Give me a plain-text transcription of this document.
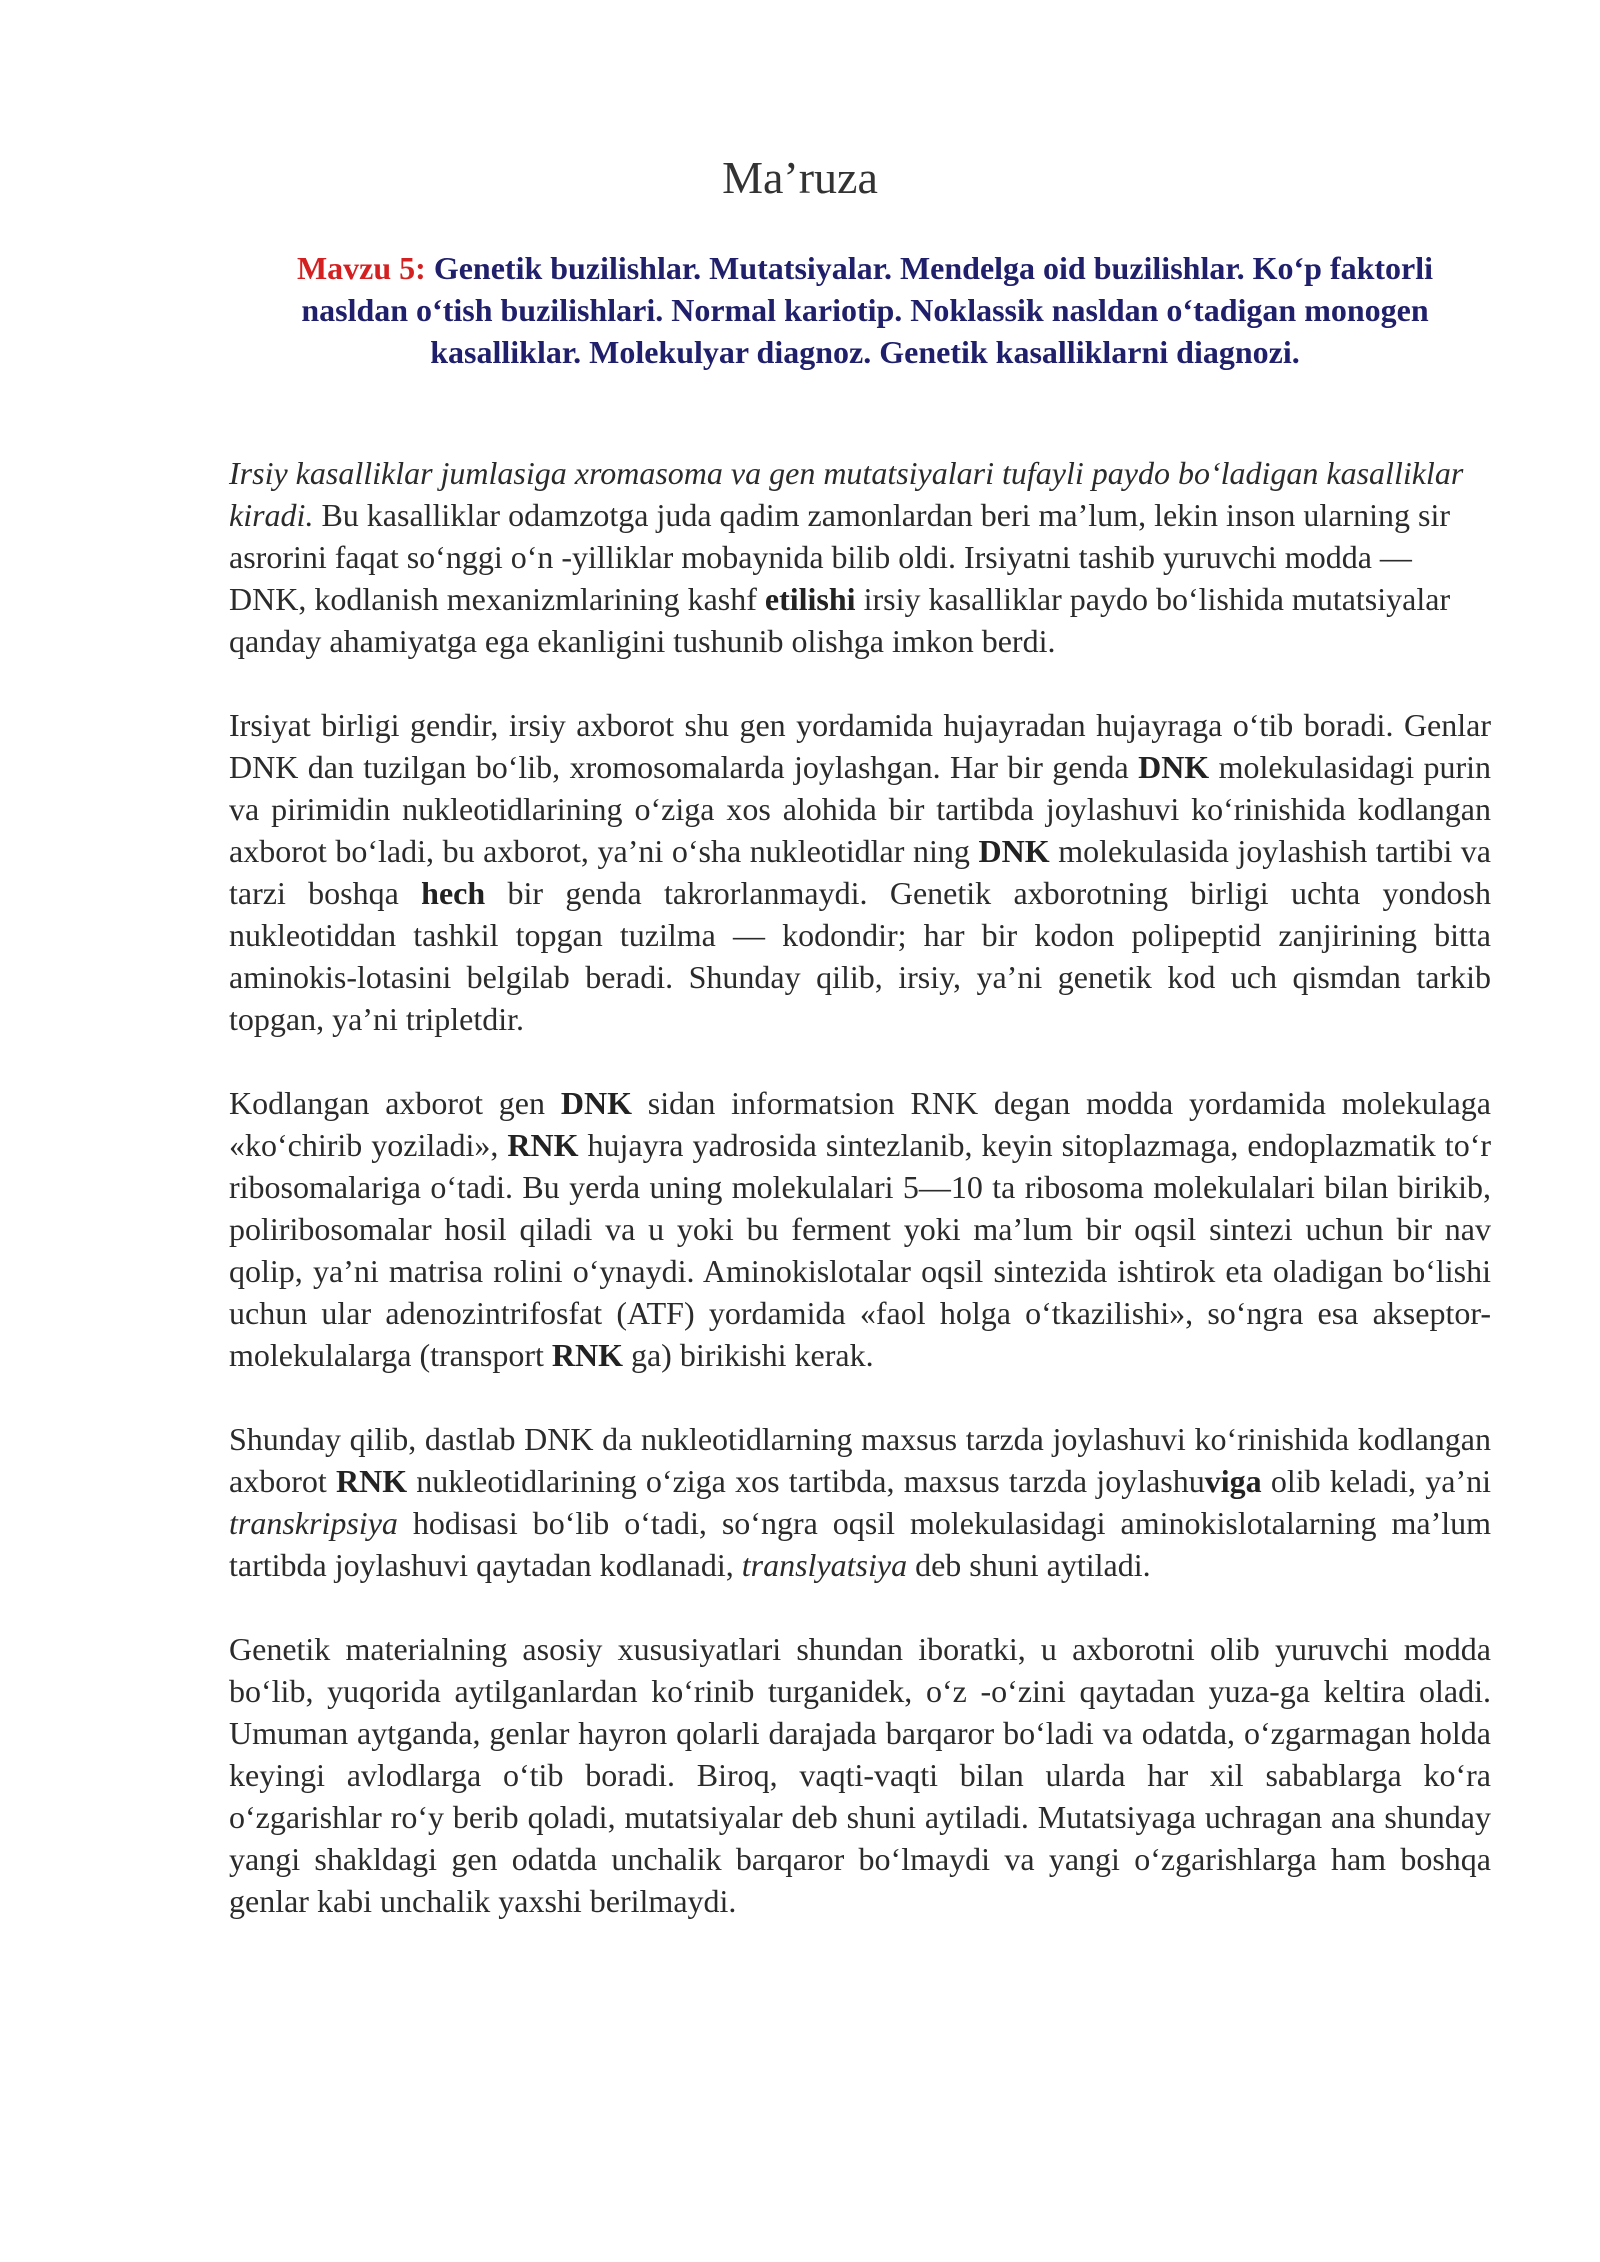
Ma’ruza
Mavzu 5: Genetik buzilishlar. Mutatsiyalar. Mendelga oid buzilishlar. Ko‘p faktorli nasldan o‘tish buzilishlari. Normal kariotip. Noklassik nasldan o‘tadigan monogen kasalliklar. Molekulyar diagnoz. Genetik kasalliklarni diagnozi.

Irsiy kasalliklar jumlasiga xromasoma va gen mutatsiyalari tufayli paydo boʻladigan kasalliklar kiradi. Bu kasalliklar odamzotga juda qadim zamonlardan beri maʼlum, lekin inson ularning sir asrorini faqat soʻnggi oʻn -yilliklar mobaynida bilib oldi. Irsiyatni tashib yuruvchi modda — DNK, kodlanish mexanizmlarining kashf etilishi irsiy kasalliklar paydo boʻlishida mutatsiyalar qanday ahamiyatga ega ekanligini tushunib olishga imkon berdi.

Irsiyat birligi gendir, irsiy axborot shu gen yordamida hujayradan hujayraga oʻtib boradi. Genlar DNK dan tuzilgan boʻlib, xromosomalarda joylashgan. Har bir genda DNK molekulasidagi purin va pirimidin nukleotidlarining oʻziga xos alohida bir tartibda joylashuvi koʻrinishida kodlangan axborot boʻladi, bu axborot, yaʼni oʻsha nukleotidlar ning DNK molekulasida joylashish tartibi va tarzi boshqa hech bir genda takrorlanmaydi. Genetik axborotning birligi uchta yondosh nukleotiddan tashkil topgan tuzilma — kodondir; har bir kodon polipeptid zanjirining bitta aminokis-lotasini belgilab beradi. Shunday qilib, irsiy, yaʼni genetik kod uch qismdan tarkib topgan, yaʼni tripletdir.

Kodlangan axborot gen DNK sidan informatsion RNK degan modda yordamida molekulaga «koʻchirib yoziladi», RNK hujayra yadrosida sintezlanib, keyin sitoplazmaga, endoplazmatik toʻr ribosomalariga oʻtadi. Bu yerda uning molekulalari 5—10 ta ribosoma molekulalari bilan birikib, poliribosomalar hosil qiladi va u yoki bu ferment yoki maʼlum bir oqsil sintezi uchun bir nav qolip, yaʼni matrisa rolini oʻynaydi. Aminokislotalar oqsil sintezida ishtirok eta oladigan boʻlishi uchun ular adenozintrifosfat (ATF) yordamida «faol holga oʻtkazilishi», soʻngra esa akseptor-molekulalarga (transport RNK ga) birikishi kerak.

Shunday qilib, dastlab DNK da nukleotidlarning maxsus tarzda joylashuvi koʻrinishida kodlangan axborot RNK nukleotidlarining oʻziga xos tartibda, maxsus tarzda joylashuviga olib keladi, yaʼni transkripsiya hodisasi boʻlib oʻtadi, soʻngra oqsil molekulasidagi aminokislotalarning maʼlum tartibda joylashuvi qaytadan kodlanadi, translyatsiya deb shuni aytiladi.

Genetik materialning asosiy xususiyatlari shundan iboratki, u axborotni olib yuruvchi modda boʻlib, yuqorida aytilganlardan koʻrinib turganidek, oʻz -oʻzini qaytadan yuza-ga keltira oladi. Umuman aytganda, genlar hayron qolarli darajada barqaror boʻladi va odatda, oʻzgarmagan holda keyingi avlodlarga oʻtib boradi. Biroq, vaqti-vaqti bilan ularda har xil sabablarga koʻra oʻzgarishlar roʻy berib qoladi, mutatsiyalar deb shuni aytiladi. Mutatsiyaga uchragan ana shunday yangi shakldagi gen odatda unchalik barqaror boʻlmaydi va yangi oʻzgarishlarga ham boshqa genlar kabi unchalik yaxshi berilmaydi.
